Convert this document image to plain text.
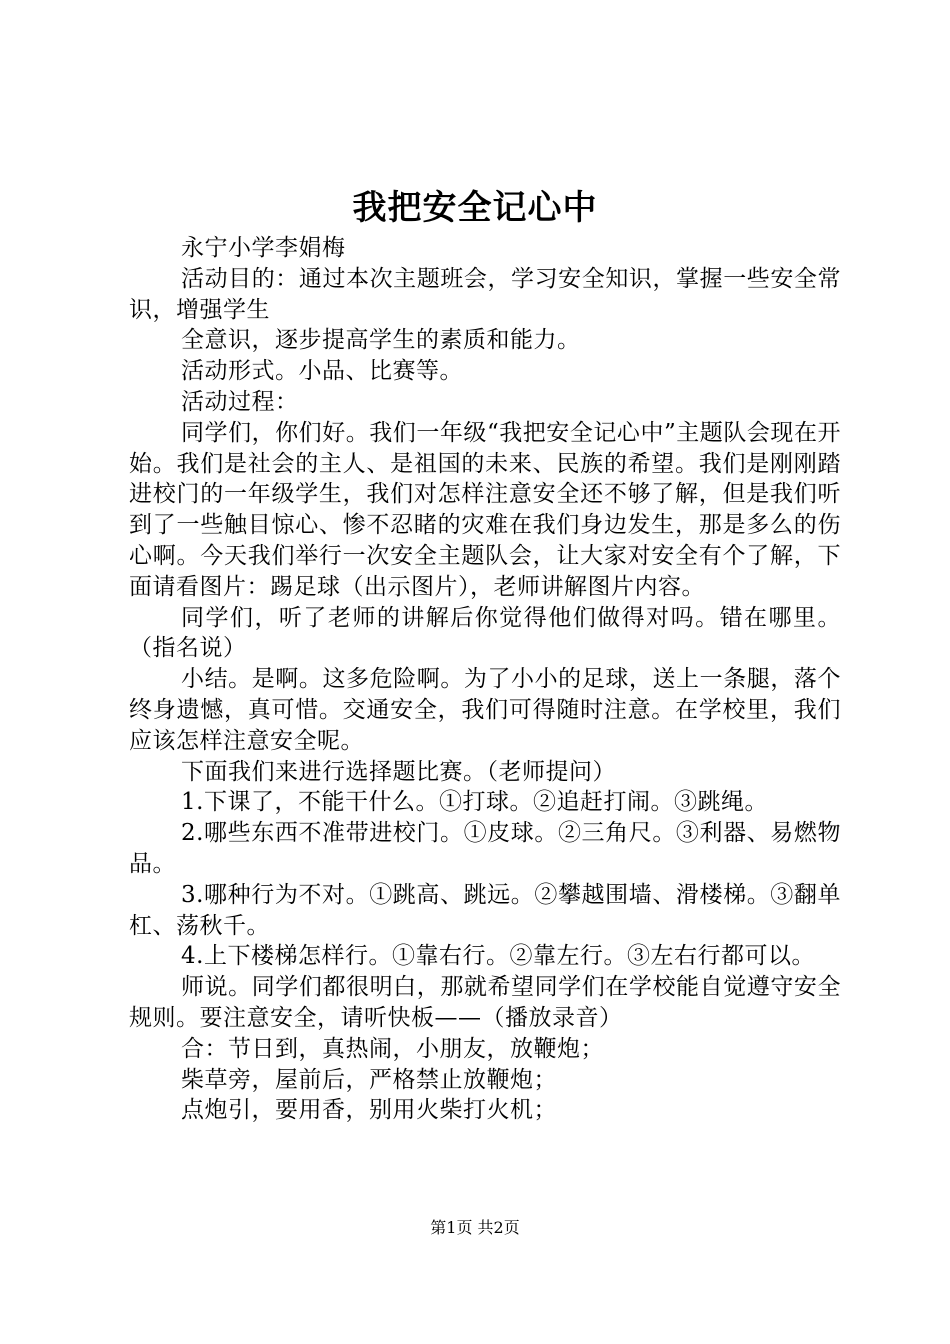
我把安全记心中

永宁小学李娟梅

活动目的：通过本次主题班会，学习安全知识，掌握一些安全常识，增强学生

全意识，逐步提高学生的素质和能力。

活动形式。小品、比赛等。

活动过程：

同学们，你们好。我们一年级“我把安全记心中”主题队会现在开始。我们是社会的主人、是祖国的未来、民族的希望。我们是刚刚踏进校门的一年级学生，我们对怎样注意安全还不够了解，但是我们听到了一些触目惊心、惨不忍睹的灾难在我们身边发生，那是多么的伤心啊。今天我们举行一次安全主题队会，让大家对安全有个了解，下面请看图片：踢足球（出示图片），老师讲解图片内容。

同学们，听了老师的讲解后你觉得他们做得对吗。错在哪里。（指名说）

小结。是啊。这多危险啊。为了小小的足球，送上一条腿，落个终身遗憾，真可惜。交通安全，我们可得随时注意。在学校里，我们应该怎样注意安全呢。

下面我们来进行选择题比赛。（老师提问）

1.下课了，不能干什么。①打球。②追赶打闹。③跳绳。

2.哪些东西不准带进校门。①皮球。②三角尺。③利器、易燃物品。

3.哪种行为不对。①跳高、跳远。②攀越围墙、滑楼梯。③翻单杠、荡秋千。

4.上下楼梯怎样行。①靠右行。②靠左行。③左右行都可以。

师说。同学们都很明白，那就希望同学们在学校能自觉遵守安全规则。要注意安全，请听快板——（播放录音）

合：节日到，真热闹，小朋友，放鞭炮；

柴草旁，屋前后，严格禁止放鞭炮；

点炮引，要用香，别用火柴打火机；

第1页 共2页
